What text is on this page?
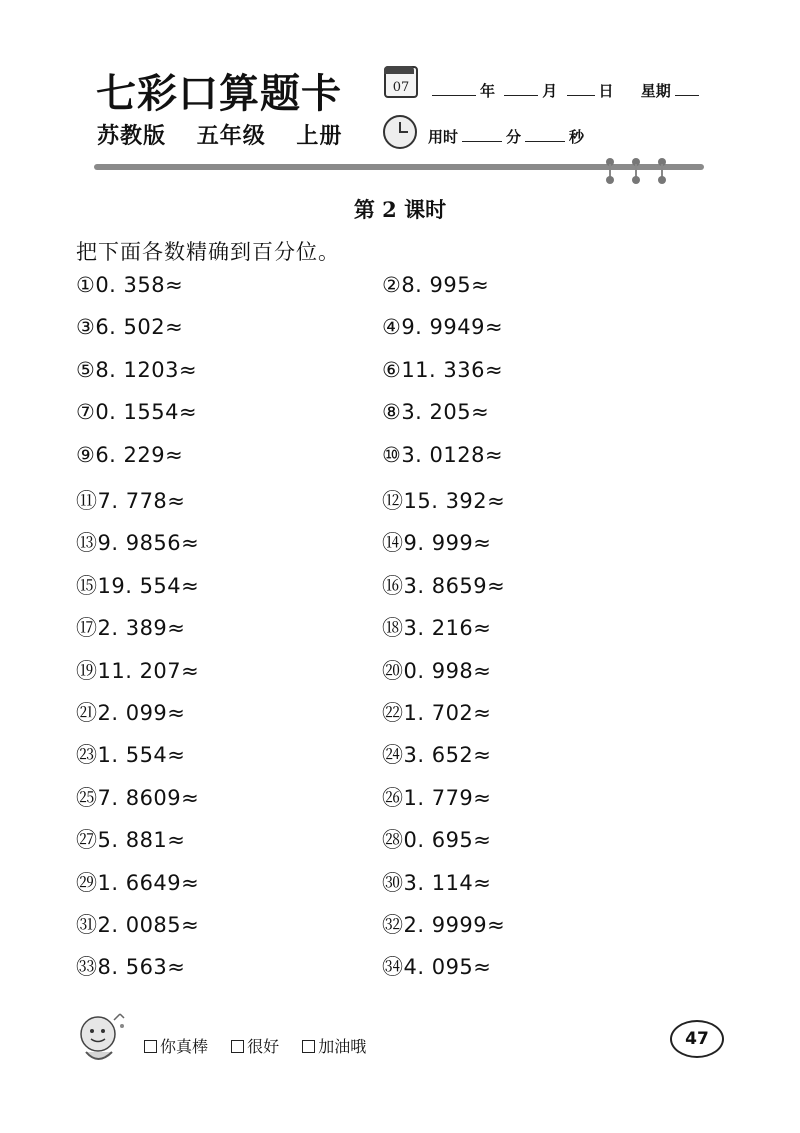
七彩口算题卡
苏教版 五年级 上册
07	年	月	日 星期
用时	分	秒
第 2 课时
把下面各数精确到百分位。
①0. 358≈	②8. 995≈
③6. 502≈	④9. 9949≈
⑤8. 1203≈	⑥11. 336≈
⑦0. 1554≈	⑧3. 205≈
⑨6. 229≈	⑩3. 0128≈
⑪7. 778≈	⑫15. 392≈
⑬9. 9856≈	⑭9. 999≈
⑮19. 554≈	⑯3. 8659≈
⑰2. 389≈	⑱3. 216≈
⑲11. 207≈	⑳0. 998≈
㉑2. 099≈	㉒1. 702≈
㉓1. 554≈	㉔3. 652≈
㉕7. 8609≈	㉖1. 779≈
㉗5. 881≈	㉘0. 695≈
㉙1. 6649≈	㉚3. 114≈
㉛2. 0085≈	㉜2. 9999≈
㉝8. 563≈	㉞4. 095≈
你真棒 很好 加油哦	47
